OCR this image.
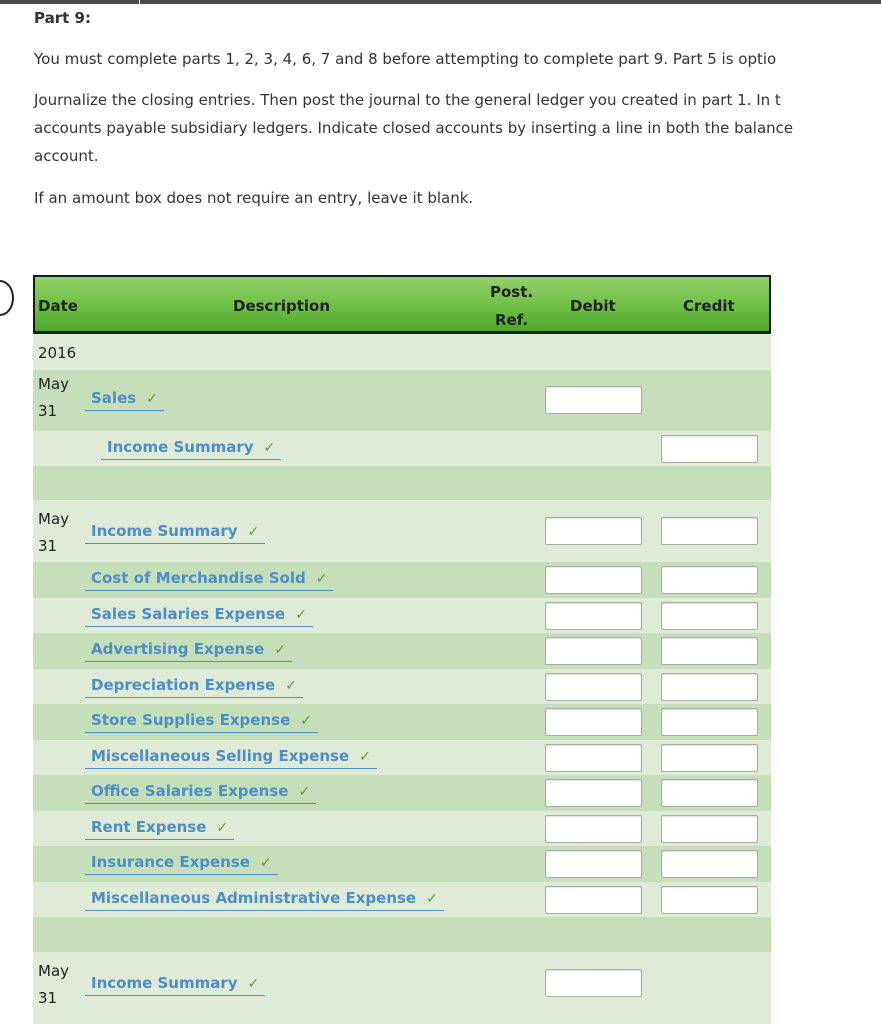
Part 9:
You must complete parts 1, 2, 3, 4, 6, 7 and 8 before attempting to complete part 9. Part 5 is optio
Journalize the closing entries. Then post the journal to the general ledger you created in part 1. In t
accounts payable subsidiary ledgers. Indicate closed accounts by inserting a line in both the balance
account.
If an amount box does not require an entry, leave it blank.
Date	Description
Post.
Ref.
Debit	Credit
2016
May
31
Sales ✓
Income Summary ✓
May
31
Income Summary ✓
Cost of Merchandise Sold ✓
Sales Salaries Expense ✓
Advertising Expense ✓
Depreciation Expense ✓
Store Supplies Expense ✓
Miscellaneous Selling Expense ✓
Office Salaries Expense ✓
Rent Expense ✓
Insurance Expense ✓
Miscellaneous Administrative Expense ✓
May
31
Income Summary ✓
